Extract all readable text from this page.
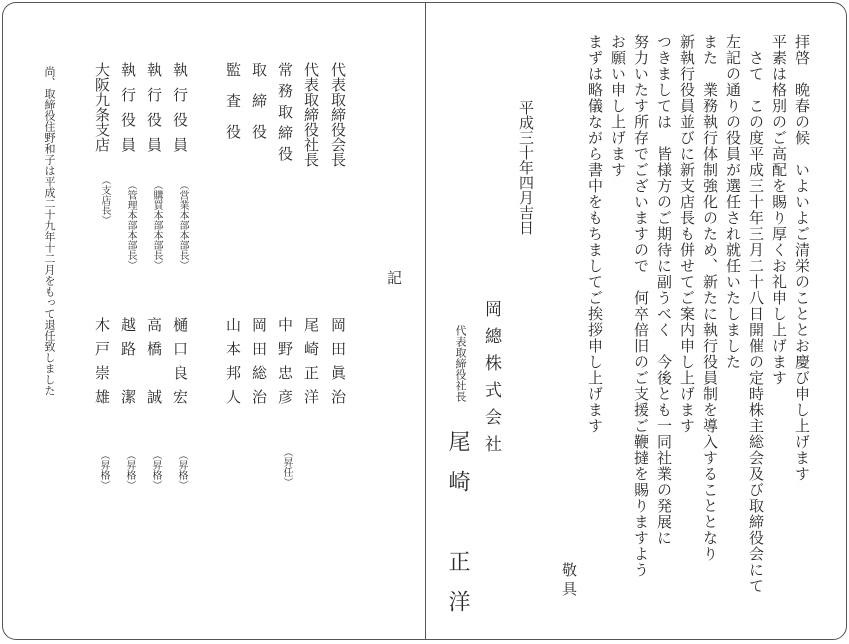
拝啓　晩春の候　いよいよご清栄のこととお慶び申し上げます
平素は格別のご高配を賜り厚くお礼申し上げます
　さて　この度平成三十年三月二十八日開催の定時株主総会及び取締役会にて
左記の通りの役員が選任され就任いたしました
また　業務執行体制強化のため、新たに執行役員制を導入することとなり
新執行役員並びに新支店長も併せてご案内申し上げます
つきましては　皆様方のご期待に副うべく　今後とも一同社業の発展に
努力いたす所存でございますので　何卒倍旧のご支援ご鞭撻を賜りますよう
お願い申し上げます
まずは略儀ながら書中をもちましてご挨拶申し上げます
平成三十年四月吉日
岡總株式会社
代表取締役社長
尾崎　正洋	敬具
記
代表取締役会長
岡田眞治
代表取締役社長
尾崎正洋
常務取締役
中野忠彦
（昇任）
取締役
岡田総治
監査役
山本邦人
執行役員
（営業本部本部長）
樋口良宏
（昇格）
執行役員
（購買本部本部長）
高橋　誠
（昇格）
執行役員
（管理本部本部長）
越路　潔
（昇格）
大阪九条支店
（支店長）
木戸崇雄
（昇格）
尚、取締役住野和子は平成二十九年十二月をもって退任致しました
